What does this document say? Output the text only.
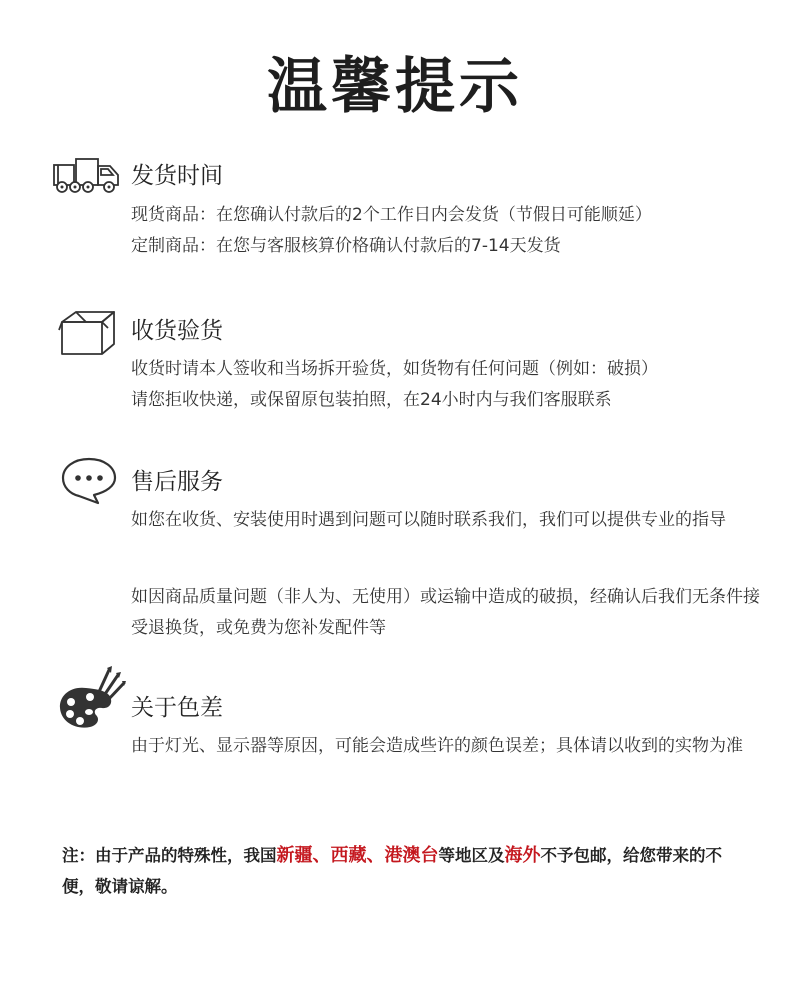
温馨提示
发货时间

现货商品：在您确认付款后的2个工作日内会发货（节假日可能顺延）

定制商品：在您与客服核算价格确认付款后的7-14天发货

收货验货

收货时请本人签收和当场拆开验货，如货物有任何问题（例如：破损）

请您拒收快递，或保留原包装拍照，在24小时内与我们客服联系

售后服务

如您在收货、安装使用时遇到问题可以随时联系我们，我们可以提供专业的指导

如因商品质量问题（非人为、无使用）或运输中造成的破损，经确认后我们无条件接受退换货，或免费为您补发配件等

关于色差

由于灯光、显示器等原因，可能会造成些许的颜色误差；具体请以收到的实物为准

注：由于产品的特殊性，我国新疆、西藏、港澳台等地区及海外不予包邮，给您带来的不便，敬请谅解。
